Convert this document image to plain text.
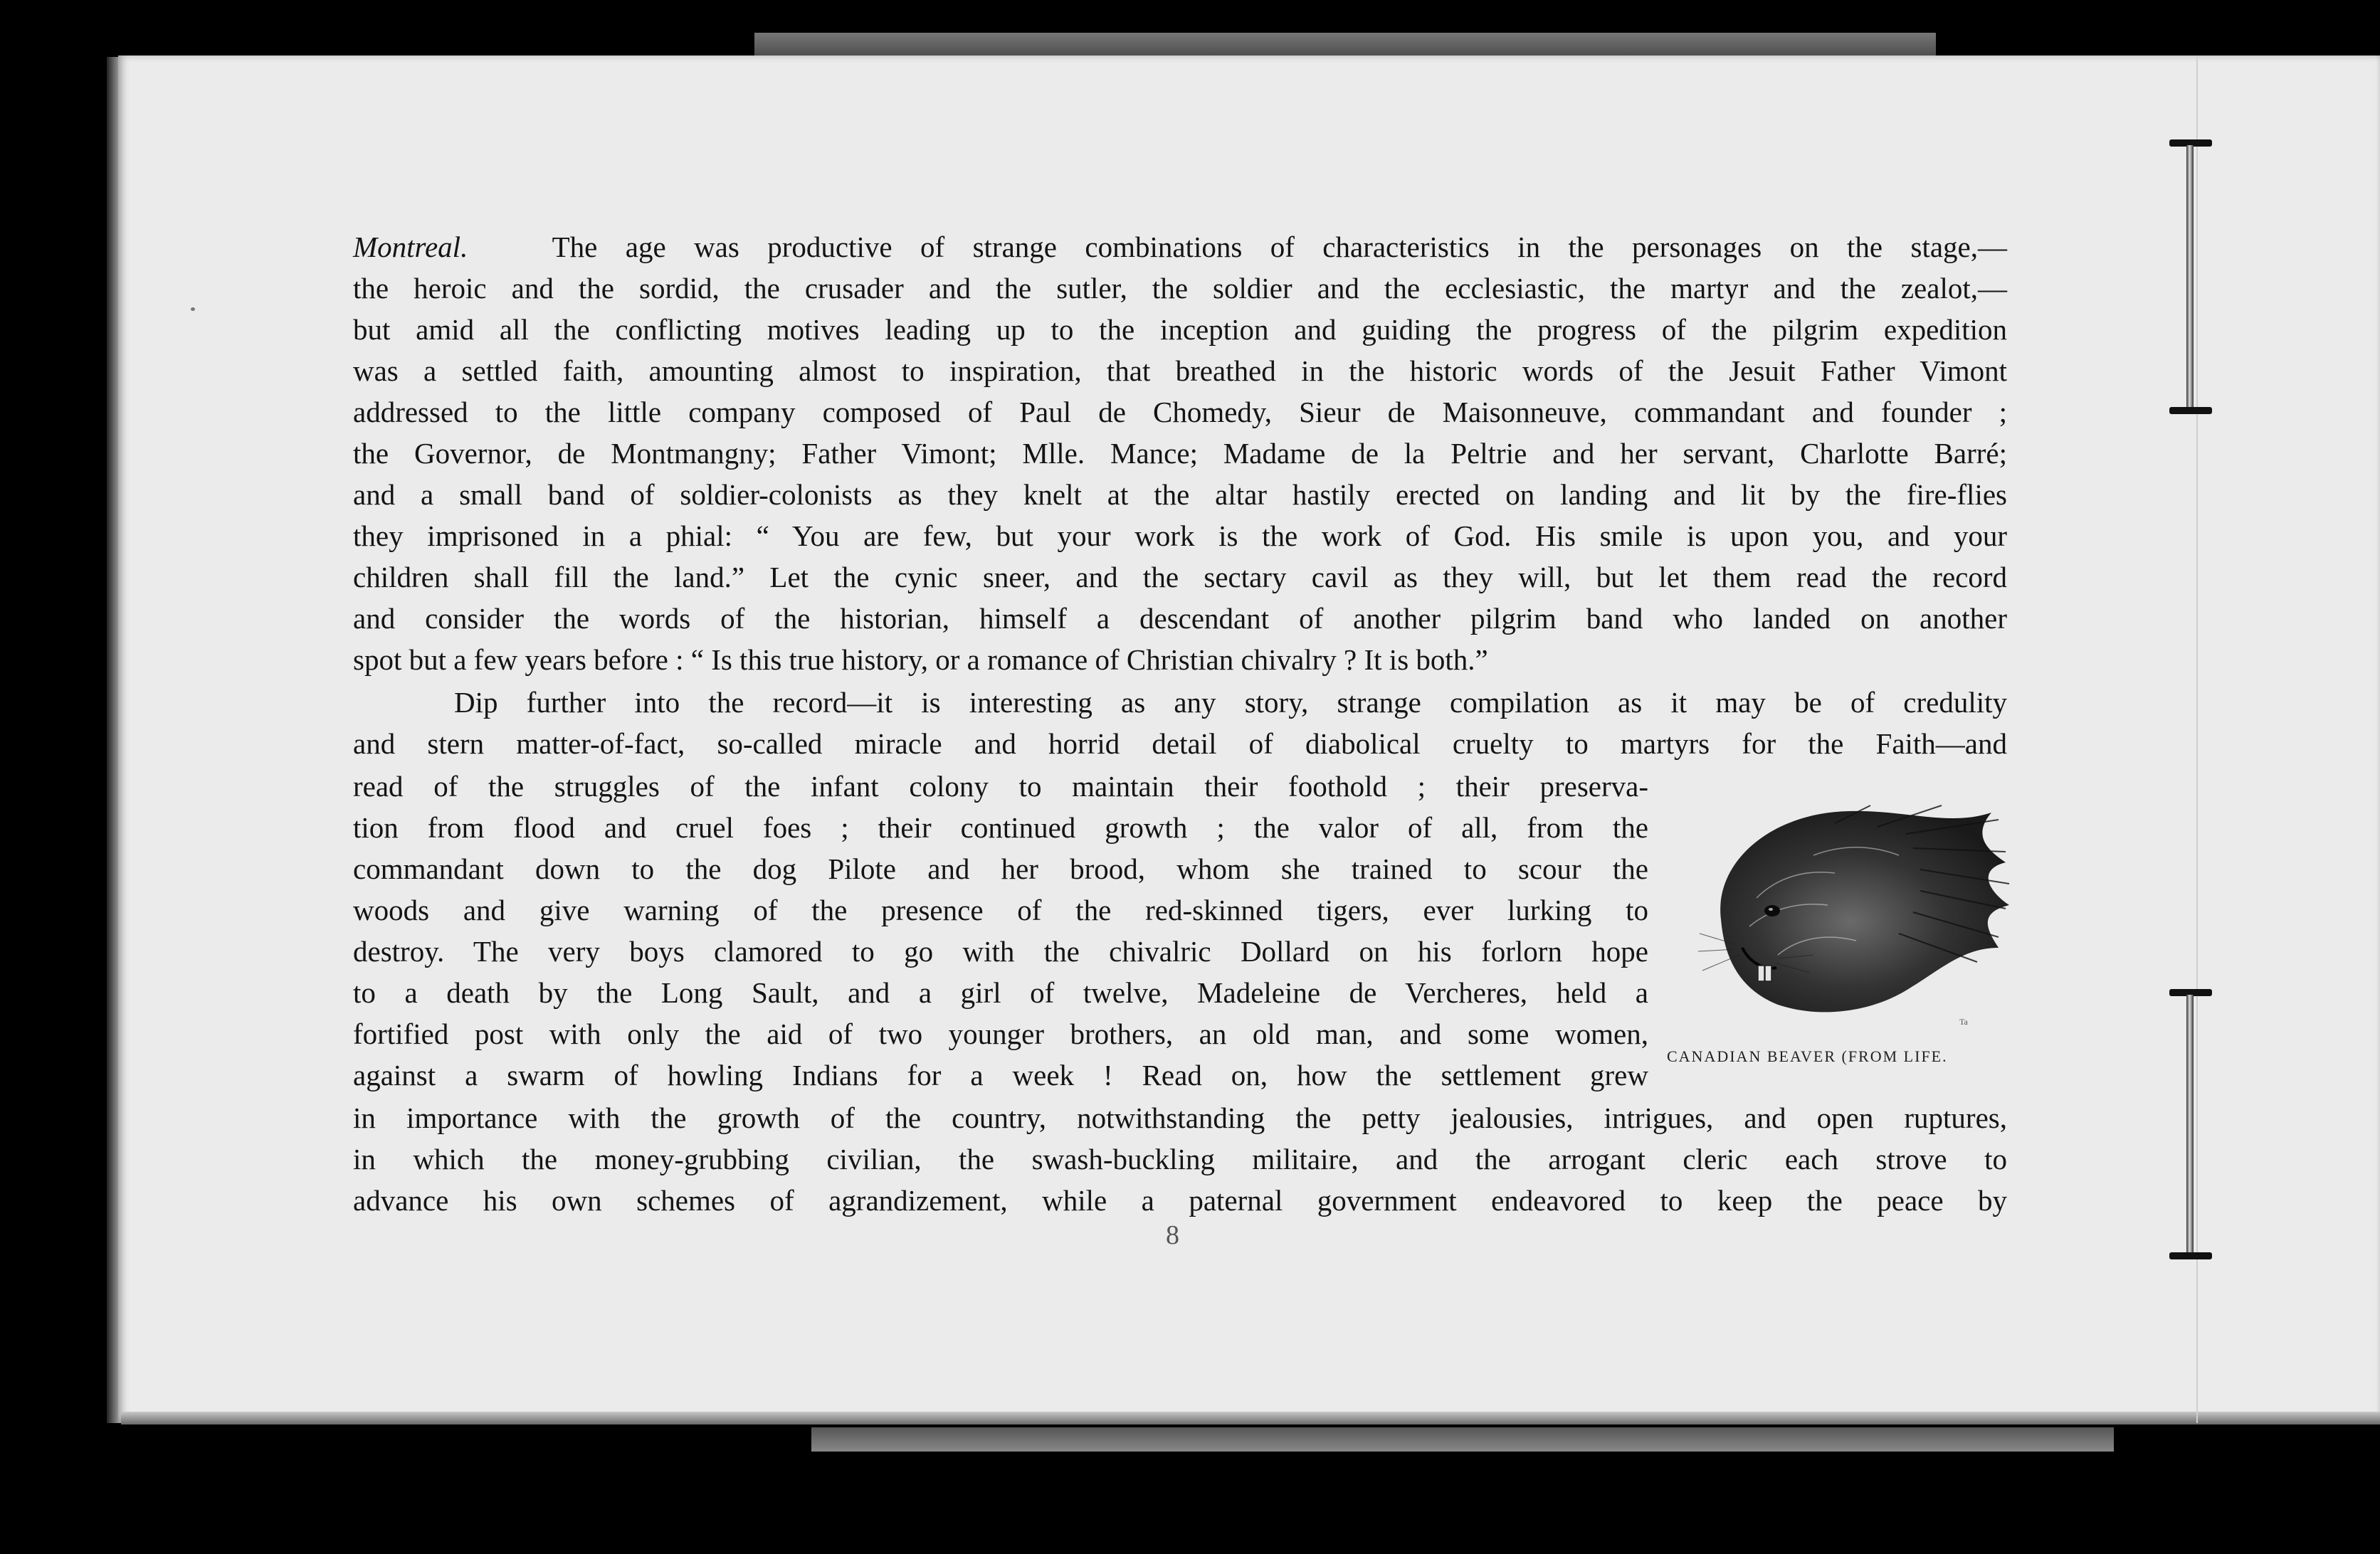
Montreal.	The age was productive of strange combinations of characteristics in the personages on the stage,—
the heroic and the sordid, the crusader and the sutler, the soldier and the ecclesiastic, the martyr and the zealot,—
but amid all the conflicting motives leading up to the inception and guiding the progress of the pilgrim expedition
was a settled faith, amounting almost to inspiration, that breathed in the historic words of the Jesuit Father Vimont
addressed to the little company composed of Paul de Chomedy, Sieur de Maisonneuve, commandant and founder ;
the Governor, de Montmangny; Father Vimont; Mlle. Mance; Madame de la Peltrie and her servant, Charlotte Barré;
and a small band of soldier-colonists as they knelt at the altar hastily erected on landing and lit by the fire-flies
they imprisoned in a phial: “ You are few, but your work is the work of God. His smile is upon you, and your
children shall fill the land.” Let the cynic sneer, and the sectary cavil as they will, but let them read the record
and consider the words of the historian, himself a descendant of another pilgrim band who landed on another
spot but a few years before : “ Is this true history, or a romance of Christian chivalry ? It is both.”
Dip further into the record—it is interesting as any story, strange compilation as it may be of credulity
and stern matter-of-fact, so-called miracle and horrid detail of diabolical cruelty to martyrs for the Faith—and
read of the struggles of the infant colony to maintain their foothold ; their preserva-
tion from flood and cruel foes ; their continued growth ; the valor of all, from the
commandant down to the dog Pilote and her brood, whom she trained to scour the
woods and give warning of the presence of the red-skinned tigers, ever lurking to
destroy. The very boys clamored to go with the chivalric Dollard on his forlorn hope
to a death by the Long Sault, and a girl of twelve, Madeleine de Vercheres, held a
fortified post with only the aid of two younger brothers, an old man, and some women,
against a swarm of howling Indians for a week ! Read on, how the settlement grew
in importance with the growth of the country, notwithstanding the petty jealousies, intrigues, and open ruptures,
in which the money-grubbing civilian, the swash-buckling militaire, and the arrogant cleric each strove to
advance his own schemes of agrandizement, while a paternal government endeavored to keep the peace by
Ta
CANADIAN BEAVER (FROM LIFE.
8
